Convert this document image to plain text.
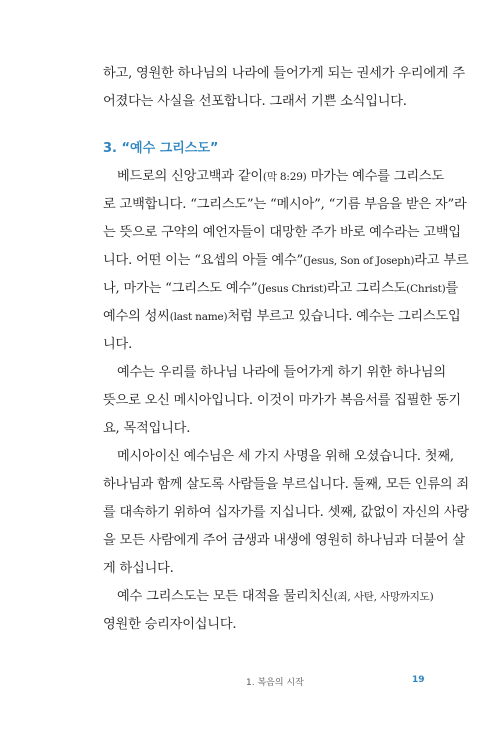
하고, 영원한 하나님의 나라에 들어가게 되는 권세가 우리에게 주
어졌다는 사실을 선포합니다. 그래서 기쁜 소식입니다.
3. “예수 그리스도”
베드로의 신앙고백과 같이(막 8:29) 마가는 예수를 그리스도
로 고백합니다. “그리스도”는 “메시아”, “기름 부음을 받은 자”라
는 뜻으로 구약의 예언자들이 대망한 주가 바로 예수라는 고백입
니다. 어떤 이는 “요셉의 아들 예수”(Jesus, Son of Joseph)라고 부르
나, 마가는 “그리스도 예수”(Jesus Christ)라고 그리스도(Christ)를
예수의 성씨(last name)처럼 부르고 있습니다. 예수는 그리스도입
니다.
예수는 우리를 하나님 나라에 들어가게 하기 위한 하나님의
뜻으로 오신 메시아입니다. 이것이 마가가 복음서를 집필한 동기
요, 목적입니다.
메시아이신 예수님은 세 가지 사명을 위해 오셨습니다. 첫째,
하나님과 함께 살도록 사람들을 부르십니다. 둘째, 모든 인류의 죄
를 대속하기 위하여 십자가를 지십니다. 셋째, 값없이 자신의 사랑
을 모든 사람에게 주어 금생과 내생에 영원히 하나님과 더불어 살
게 하십니다.
예수 그리스도는 모든 대적을 물리치신(죄, 사탄, 사망까지도)
영원한 승리자이십니다.
1. 복음의 시작	19
